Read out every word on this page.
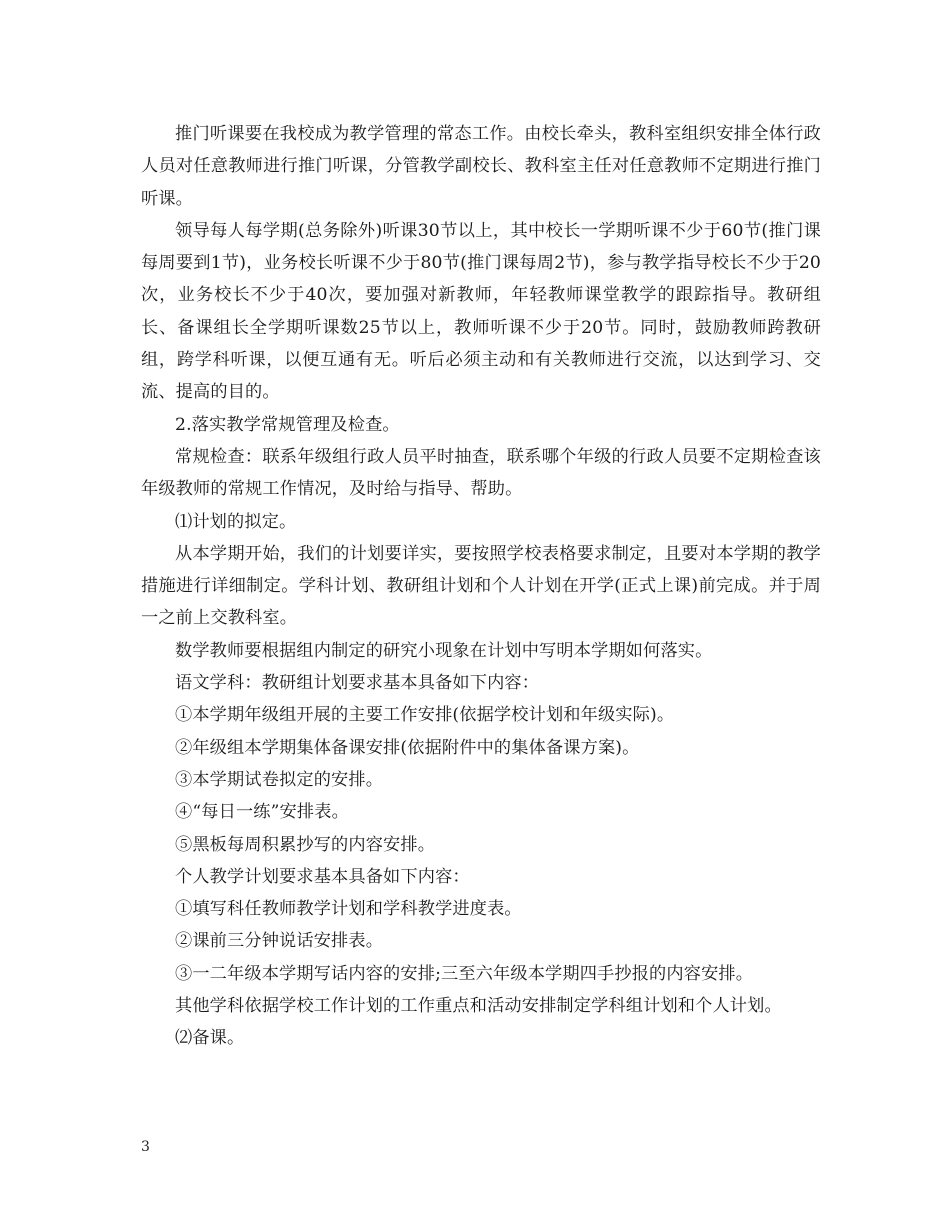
推门听课要在我校成为教学管理的常态工作。由校长牵头，教科室组织安排全体行政人员对任意教师进行推门听课，分管教学副校长、教科室主任对任意教师不定期进行推门听课。

领导每人每学期(总务除外)听课30节以上，其中校长一学期听课不少于60节(推门课每周要到1节)，业务校长听课不少于80节(推门课每周2节)，参与教学指导校长不少于20次，业务校长不少于40次，要加强对新教师，年轻教师课堂教学的跟踪指导。教研组长、备课组长全学期听课数25节以上，教师听课不少于20节。同时，鼓励教师跨教研组，跨学科听课，以便互通有无。听后必须主动和有关教师进行交流，以达到学习、交流、提高的目的。

2.落实教学常规管理及检查。

常规检查：联系年级组行政人员平时抽查，联系哪个年级的行政人员要不定期检查该年级教师的常规工作情况，及时给与指导、帮助。

⑴计划的拟定。

从本学期开始，我们的计划要详实，要按照学校表格要求制定，且要对本学期的教学措施进行详细制定。学科计划、教研组计划和个人计划在开学(正式上课)前完成。并于周一之前上交教科室。

数学教师要根据组内制定的研究小现象在计划中写明本学期如何落实。

语文学科：教研组计划要求基本具备如下内容：

①本学期年级组开展的主要工作安排(依据学校计划和年级实际)。

②年级组本学期集体备课安排(依据附件中的集体备课方案)。

③本学期试卷拟定的安排。

④“每日一练”安排表。

⑤黑板每周积累抄写的内容安排。

个人教学计划要求基本具备如下内容：

①填写科任教师教学计划和学科教学进度表。

②课前三分钟说话安排表。

③一二年级本学期写话内容的安排;三至六年级本学期四手抄报的内容安排。

其他学科依据学校工作计划的工作重点和活动安排制定学科组计划和个人计划。

⑵备课。

3
